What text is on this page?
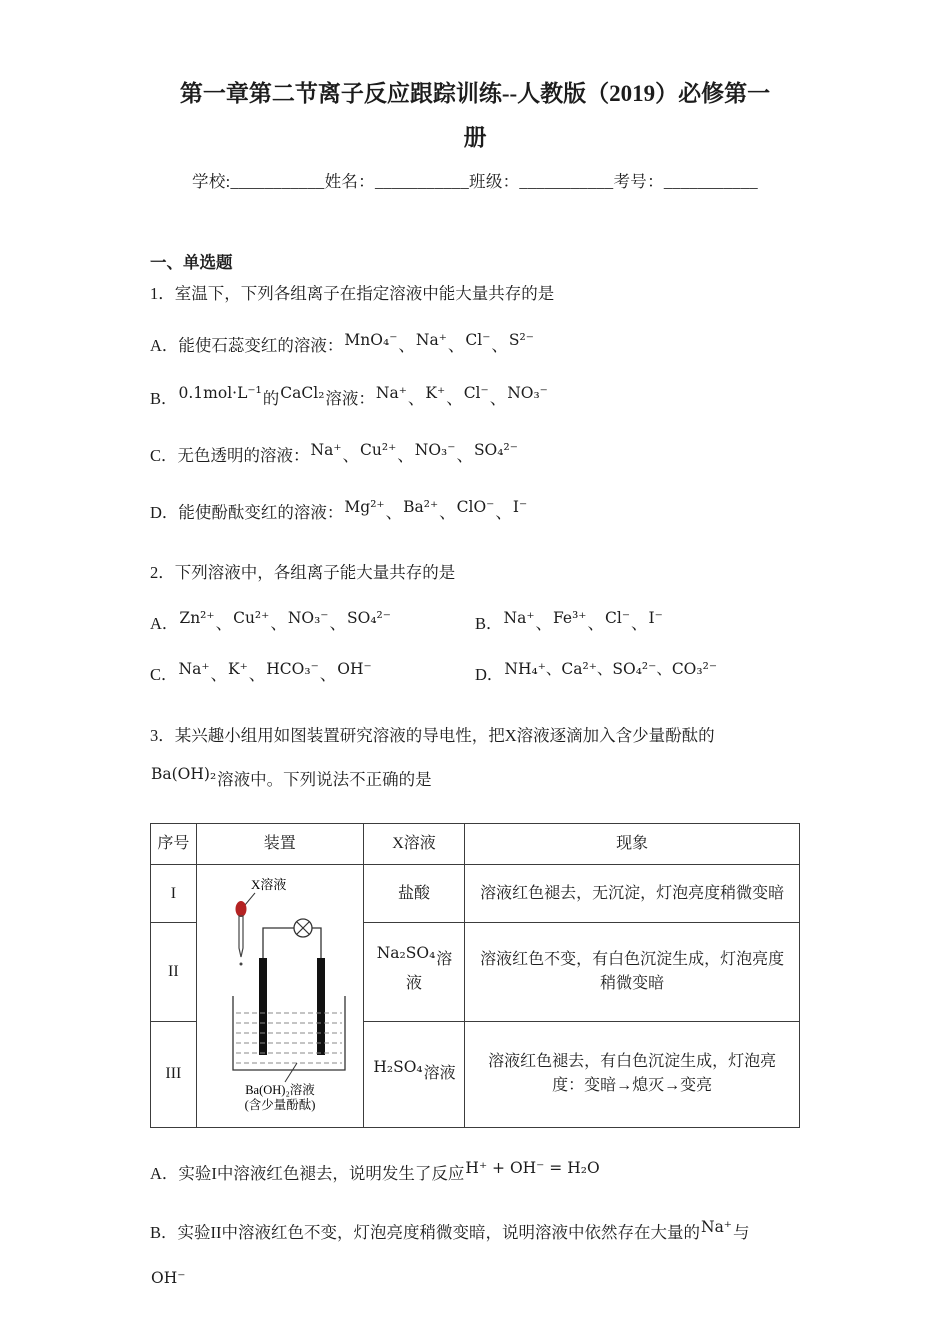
第一章第二节离子反应跟踪训练--人教版（2019）必修第一
册
学校:___________姓名：___________班级：___________考号：___________
一、单选题
1．室温下，下列各组离子在指定溶液中能大量共存的是
A．能使石蕊变红的溶液：MnO₄⁻、Na⁺、Cl⁻、S²⁻
B．0.1mol·L⁻¹的CaCl₂溶液：Na⁺、K⁺、Cl⁻、NO₃⁻
C．无色透明的溶液：Na⁺、Cu²⁺、NO₃⁻、SO₄²⁻
D．能使酚酞变红的溶液：Mg²⁺、Ba²⁺、ClO⁻、I⁻
2．下列溶液中，各组离子能大量共存的是
A．Zn²⁺、Cu²⁺、NO₃⁻、SO₄²⁻	B．Na⁺、Fe³⁺、Cl⁻、I⁻
C．Na⁺、K⁺、HCO₃⁻、OH⁻	D．NH₄⁺、Ca²⁺、SO₄²⁻、CO₃²⁻
3．某兴趣小组用如图装置研究溶液的导电性，把X溶液逐滴加入含少量酚酞的
Ba(OH)₂溶液中。下列说法不正确的是
序号	装置	X溶液	现象
I	X溶液
Ba(OH)₂溶液
(含少量酚酞)	盐酸	溶液红色褪去，无沉淀，灯泡亮度稍微变暗
II		Na₂SO₄溶液	溶液红色不变，有白色沉淀生成，灯泡亮度稍微变暗
III		H₂SO₄溶液	溶液红色褪去，有白色沉淀生成，灯泡亮度：变暗→熄灭→变亮
A．实验I中溶液红色褪去，说明发生了反应H⁺ + OH⁻ = H₂O
B．实验II中溶液红色不变，灯泡亮度稍微变暗，说明溶液中依然存在大量的Na⁺与
OH⁻
